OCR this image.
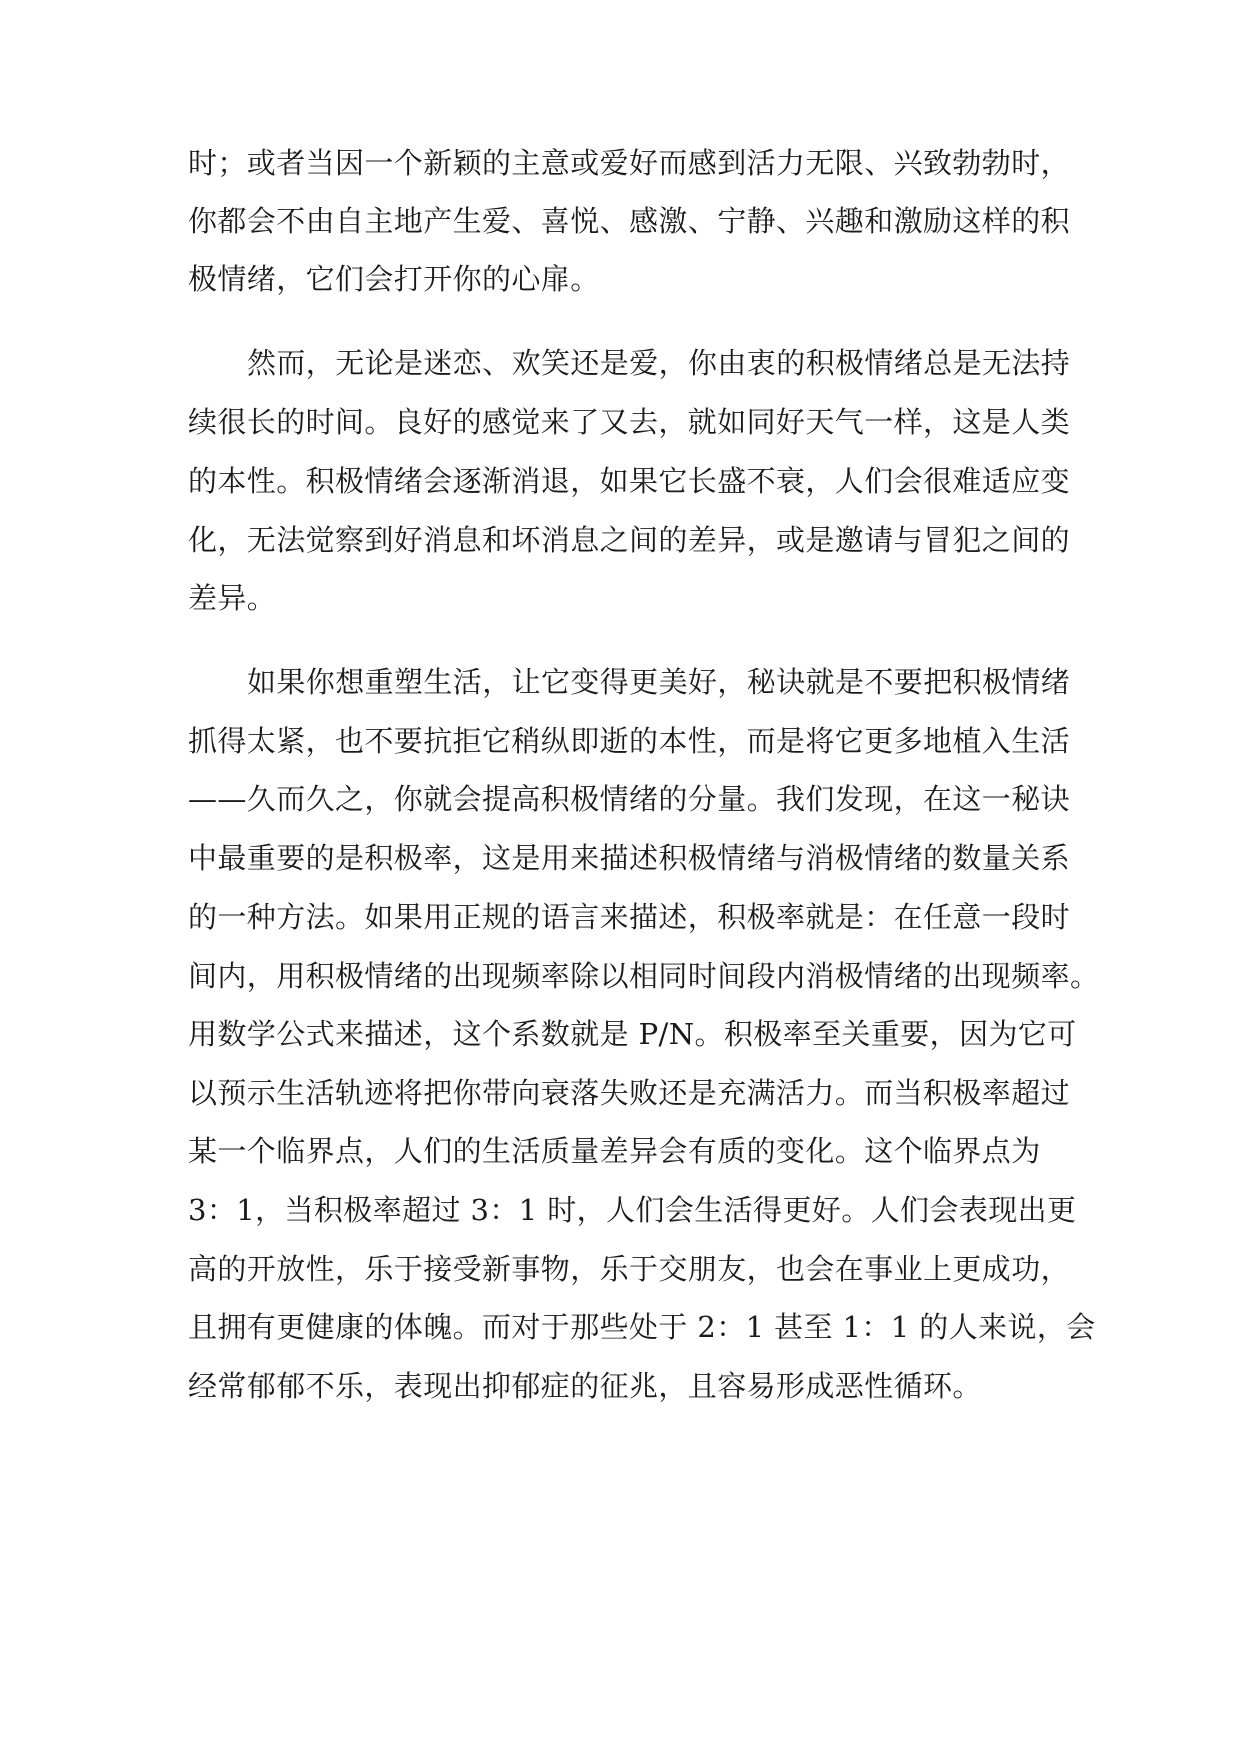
时；或者当因一个新颖的主意或爱好而感到活力无限、兴致勃勃时，
你都会不由自主地产生爱、喜悦、感激、宁静、兴趣和激励这样的积
极情绪，它们会打开你的心扉。
然而，无论是迷恋、欢笑还是爱，你由衷的积极情绪总是无法持
续很长的时间。良好的感觉来了又去，就如同好天气一样，这是人类
的本性。积极情绪会逐渐消退，如果它长盛不衰，人们会很难适应变
化，无法觉察到好消息和坏消息之间的差异，或是邀请与冒犯之间的
差异。
如果你想重塑生活，让它变得更美好，秘诀就是不要把积极情绪
抓得太紧，也不要抗拒它稍纵即逝的本性，而是将它更多地植入生活
——久而久之，你就会提高积极情绪的分量。我们发现，在这一秘诀
中最重要的是积极率，这是用来描述积极情绪与消极情绪的数量关系
的一种方法。如果用正规的语言来描述，积极率就是：在任意一段时
间内，用积极情绪的出现频率除以相同时间段内消极情绪的出现频率。
用数学公式来描述，这个系数就是 P/N。积极率至关重要，因为它可
以预示生活轨迹将把你带向衰落失败还是充满活力。而当积极率超过
某一个临界点，人们的生活质量差异会有质的变化。这个临界点为
3：1，当积极率超过 3：1 时，人们会生活得更好。人们会表现出更
高的开放性，乐于接受新事物，乐于交朋友，也会在事业上更成功，
且拥有更健康的体魄。而对于那些处于 2：1 甚至 1：1 的人来说，会
经常郁郁不乐，表现出抑郁症的征兆，且容易形成恶性循环。
